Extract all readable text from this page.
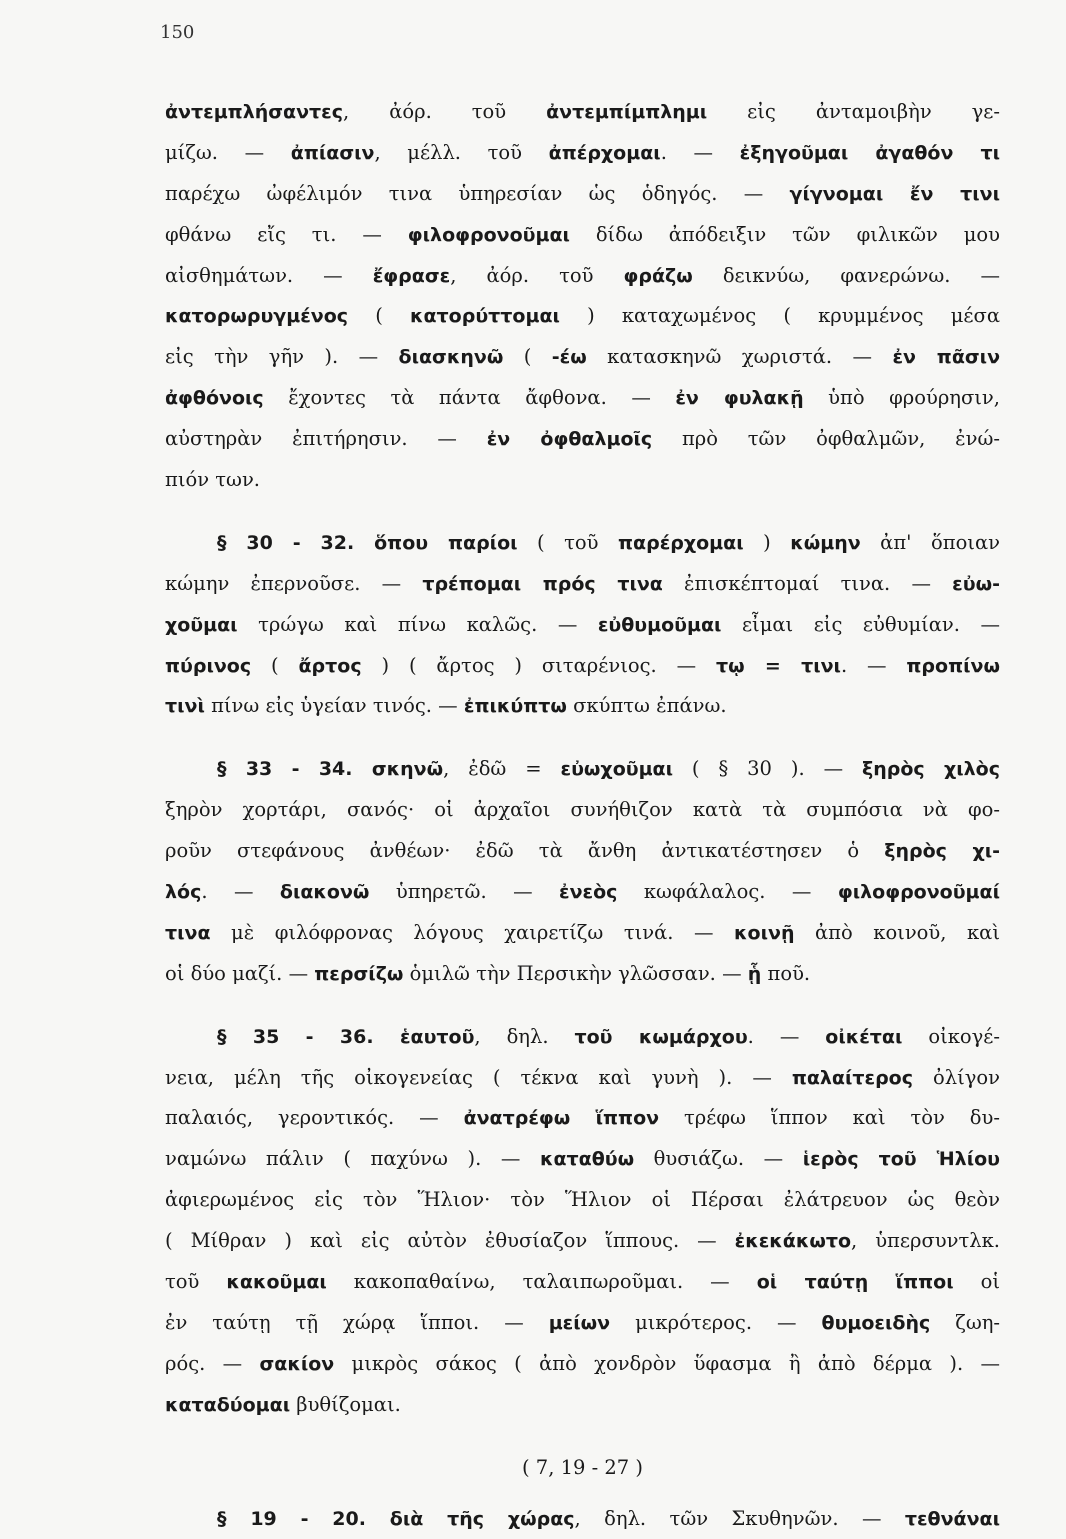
150
ἀντεμπλήσαντες, ἀόρ. τοῦ ἀντεμπίμπλημι εἰς ἀνταμοιβὴν γε-
μίζω. — ἀπίασιν, μέλλ. τοῦ ἀπέρχομαι. — ἐξηγοῦμαι ἀγαθόν τι
παρέχω ὠφέλιμόν τινα ὑπηρεσίαν ὡς ὁδηγός. — γίγνομαι ἔν τινι
φθάνω εἴς τι. — φιλοφρονοῦμαι δίδω ἀπόδειξιν τῶν φιλικῶν μου
αἰσθημάτων. — ἔφρασε, ἀόρ. τοῦ φράζω δεικνύω, φανερώνω. —
κατορωρυγμένος ( κατορύττομαι ) καταχωμένος ( κρυμμένος μέσα
εἰς τὴν γῆν ). — διασκηνῶ ( -έω κατασκηνῶ χωριστά. — ἐν πᾶσιν
ἀφθόνοις ἔχοντες τὰ πάντα ἄφθονα. — ἐν φυλακῇ ὑπὸ φρούρησιν,
αὐστηρὰν ἐπιτήρησιν. — ἐν ὀφθαλμοῖς πρὸ τῶν ὀφθαλμῶν, ἐνώ-
πιόν των.
§ 30 - 32. ὅπου παρίοι ( τοῦ παρέρχομαι ) κώμην ἀπ' ὅποιαν
κώμην ἐπερνοῦσε. — τρέπομαι πρός τινα ἐπισκέπτομαί τινα. — εὐω-
χοῦμαι τρώγω καὶ πίνω καλῶς. — εὐθυμοῦμαι εἶμαι εἰς εὐθυμίαν. —
πύρινος ( ἄρτος ) ( ἄρτος ) σιταρένιος. — τῳ = τινι. — προπίνω
τινὶ πίνω εἰς ὑγείαν τινός. — ἐπικύπτω σκύπτω ἐπάνω.
§ 33 - 34. σκηνῶ, ἐδῶ = εὐωχοῦμαι ( § 30 ). — ξηρὸς χιλὸς
ξηρὸν χορτάρι, σανός· οἱ ἀρχαῖοι συνήθιζον κατὰ τὰ συμπόσια νὰ φο-
ροῦν στεφάνους ἀνθέων· ἐδῶ τὰ ἄνθη ἀντικατέστησεν ὁ ξηρὸς χι-
λός. — διακονῶ ὑπηρετῶ. — ἐνεὸς κωφάλαλος. — φιλοφρονοῦμαί
τινα μὲ φιλόφρονας λόγους χαιρετίζω τινά. — κοινῇ ἀπὸ κοινοῦ, καὶ
οἱ δύο μαζί. — περσίζω ὁμιλῶ τὴν Περσικὴν γλῶσσαν. — ᾗ ποῦ.
§ 35 - 36. ἑαυτοῦ, δηλ. τοῦ κωμάρχου. — οἰκέται οἰκογέ-
νεια, μέλη τῆς οἰκογενείας ( τέκνα καὶ γυνὴ ). — παλαίτερος ὀλίγον
παλαιός, γεροντικός. — ἀνατρέφω ἵππον τρέφω ἵππον καὶ τὸν δυ-
ναμώνω πάλιν ( παχύνω ). — καταθύω θυσιάζω. — ἱερὸς τοῦ Ἡλίου
ἀφιερωμένος εἰς τὸν Ἥλιον· τὸν Ἥλιον οἱ Πέρσαι ἐλάτρευον ὡς θεὸν
( Μίθραν ) καὶ εἰς αὐτὸν ἐθυσίαζον ἵππους. — ἐκεκάκωτο, ὑπερσυντλκ.
τοῦ κακοῦμαι κακοπαθαίνω, ταλαιπωροῦμαι. — οἱ ταύτῃ ἵπποι οἱ
ἐν ταύτῃ τῇ χώρᾳ ἵπποι. — μείων μικρότερος. — θυμοειδὴς ζωη-
ρός. — σακίον μικρὸς σάκος ( ἀπὸ χονδρὸν ὕφασμα ἢ ἀπὸ δέρμα ). —
καταδύομαι βυθίζομαι.
( 7, 19 - 27 )
§ 19 - 20. διὰ τῆς χώρας, δηλ. τῶν Σκυθηνῶν. — τεθνάναι
